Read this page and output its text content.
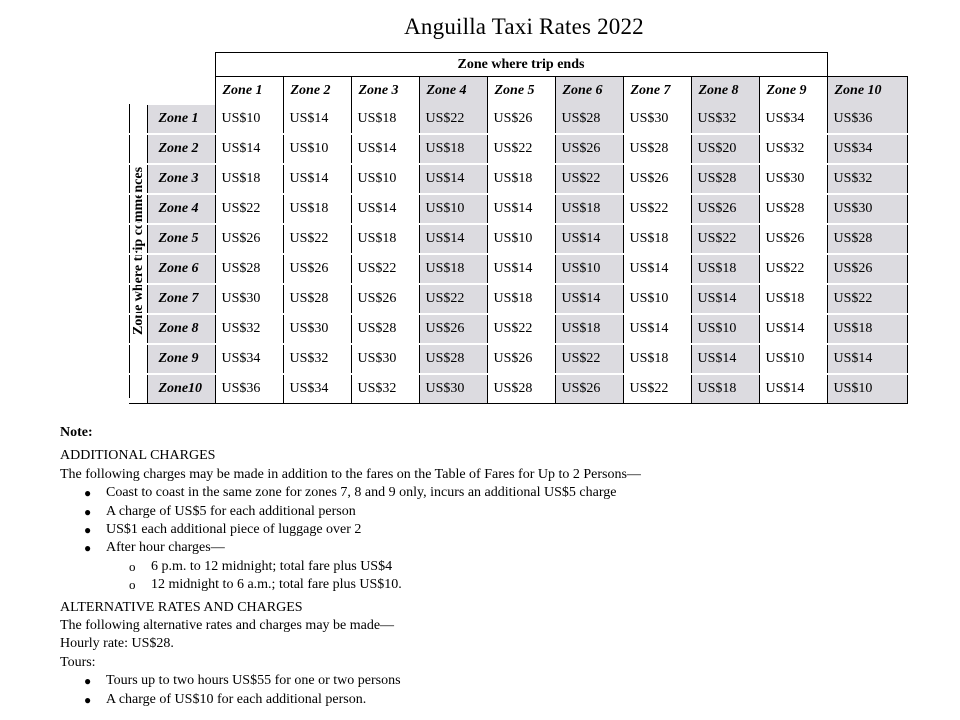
Anguilla Taxi Rates 2022
Zone where trip commences
		Zone where trip ends									
		Zone 1	Zone 2	Zone 3	Zone 4	Zone 5	Zone 6	Zone 7	Zone 8	Zone 9	Zone 10
	Zone 1	US$10	US$14	US$18	US$22	US$26	US$28	US$30	US$32	US$34	US$36
	Zone 2	US$14	US$10	US$14	US$18	US$22	US$26	US$28	US$20	US$32	US$34
	Zone 3	US$18	US$14	US$10	US$14	US$18	US$22	US$26	US$28	US$30	US$32
	Zone 4	US$22	US$18	US$14	US$10	US$14	US$18	US$22	US$26	US$28	US$30
	Zone 5	US$26	US$22	US$18	US$14	US$10	US$14	US$18	US$22	US$26	US$28
	Zone 6	US$28	US$26	US$22	US$18	US$14	US$10	US$14	US$18	US$22	US$26
	Zone 7	US$30	US$28	US$26	US$22	US$18	US$14	US$10	US$14	US$18	US$22
	Zone 8	US$32	US$30	US$28	US$26	US$22	US$18	US$14	US$10	US$14	US$18
	Zone 9	US$34	US$32	US$30	US$28	US$26	US$22	US$18	US$14	US$10	US$14
	Zone10	US$36	US$34	US$32	US$30	US$28	US$26	US$22	US$18	US$14	US$10

Note:

ADDITIONAL CHARGES

The following charges may be made in addition to the fares on the Table of Fares for Up to 2 Persons—

● Coast to coast in the same zone for zones 7, 8 and 9 only, incurs an additional US$5 charge
● A charge of US$5 for each additional person
● US$1 each additional piece of luggage over 2
● After hour charges—
o 6 p.m. to 12 midnight; total fare plus US$4
o 12 midnight to 6 a.m.; total fare plus US$10.

ALTERNATIVE RATES AND CHARGES

The following alternative rates and charges may be made—

Hourly rate: US$28.

Tours:

● Tours up to two hours US$55 for one or two persons
● A charge of US$10 for each additional person.
